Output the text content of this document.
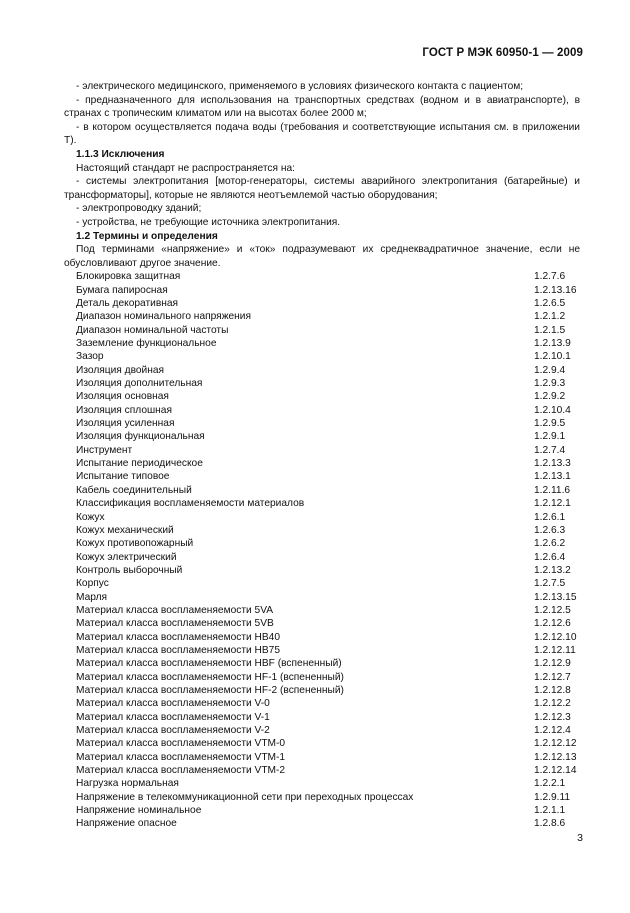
ГОСТ Р МЭК 60950-1 — 2009

- электрического медицинского, применяемого в условиях физического контакта с пациентом;

- предназначенного для использования на транспортных средствах (водном и в авиатранспорте), в странах с тропическим климатом или на высотах более 2000 м;

- в котором осуществляется подача воды (требования и соответствующие испытания см. в приложении Т).

1.1.3 Исключения

Настоящий стандарт не распространяется на:

- системы электропитания [мотор-генераторы, системы аварийного электропитания (батарейные) и трансформаторы], которые не являются неотъемлемой частью оборудования;

- электропроводку зданий;

- устройства, не требующие источника электропитания.

1.2 Термины и определения

Под терминами «напряжение» и «ток» подразумевают их среднеквадратичное значение, если не обусловливают другое значение.

Блокировка защитная	1.2.7.6
Бумага папиросная	1.2.13.16
Деталь декоративная	1.2.6.5
Диапазон номинального напряжения	1.2.1.2
Диапазон номинальной частоты	1.2.1.5
Заземление функциональное	1.2.13.9
Зазор	1.2.10.1
Изоляция двойная	1.2.9.4
Изоляция дополнительная	1.2.9.3
Изоляция основная	1.2.9.2
Изоляция сплошная	1.2.10.4
Изоляция усиленная	1.2.9.5
Изоляция функциональная	1.2.9.1
Инструмент	1.2.7.4
Испытание периодическое	1.2.13.3
Испытание типовое	1.2.13.1
Кабель соединительный	1.2.11.6
Классификация воспламеняемости материалов	1.2.12.1
Кожух	1.2.6.1
Кожух механический	1.2.6.3
Кожух противопожарный	1.2.6.2
Кожух электрический	1.2.6.4
Контроль выборочный	1.2.13.2
Корпус	1.2.7.5
Марля	1.2.13.15
Материал класса воспламеняемости 5VA	1.2.12.5
Материал класса воспламеняемости 5VB	1.2.12.6
Материал класса воспламеняемости НВ40	1.2.12.10
Материал класса воспламеняемости НВ75	1.2.12.11
Материал класса воспламеняемости HBF (вспененный)	1.2.12.9
Материал класса воспламеняемости HF-1 (вспененный)	1.2.12.7
Материал класса воспламеняемости HF-2 (вспененный)	1.2.12.8
Материал класса воспламеняемости V-0	1.2.12.2
Материал класса воспламеняемости V-1	1.2.12.3
Материал класса воспламеняемости V-2	1.2.12.4
Материал класса воспламеняемости VTM-0	1.2.12.12
Материал класса воспламеняемости VTM-1	1.2.12.13
Материал класса воспламеняемости VTM-2	1.2.12.14
Нагрузка нормальная	1.2.2.1
Напряжение в телекоммуникационной сети при переходных процессах	1.2.9.11
Напряжение номинальное	1.2.1.1
Напряжение опасное	1.2.8.6
3
